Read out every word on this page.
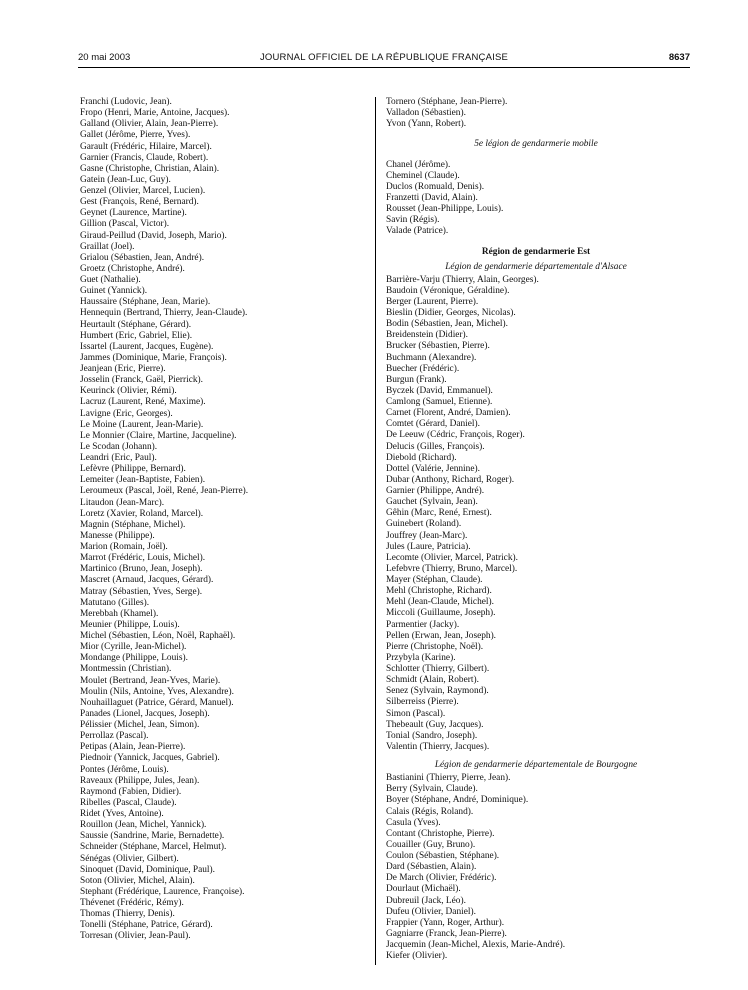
20 mai 2003	JOURNAL OFFICIEL DE LA RÉPUBLIQUE FRANÇAISE	8637
Franchi (Ludovic, Jean).
Fropo (Henri, Marie, Antoine, Jacques).
Galland (Olivier, Alain, Jean-Pierre).
Gallet (Jérôme, Pierre, Yves).
Garault (Frédéric, Hilaire, Marcel).
Garnier (Francis, Claude, Robert).
Gasne (Christophe, Christian, Alain).
Gatein (Jean-Luc, Guy).
Genzel (Olivier, Marcel, Lucien).
Gest (François, René, Bernard).
Geynet (Laurence, Martine).
Gillion (Pascal, Victor).
Giraud-Peillud (David, Joseph, Mario).
Graillat (Joel).
Grialou (Sébastien, Jean, André).
Groetz (Christophe, André).
Guet (Nathalie).
Guinet (Yannick).
Haussaire (Stéphane, Jean, Marie).
Hennequin (Bertrand, Thierry, Jean-Claude).
Heurtault (Stéphane, Gérard).
Humbert (Eric, Gabriel, Elie).
Issartel (Laurent, Jacques, Eugène).
Jammes (Dominique, Marie, François).
Jeanjean (Eric, Pierre).
Josselin (Franck, Gaël, Pierrick).
Keurinck (Olivier, Rémi).
Lacruz (Laurent, René, Maxime).
Lavigne (Eric, Georges).
Le Moine (Laurent, Jean-Marie).
Le Monnier (Claire, Martine, Jacqueline).
Le Scodan (Johann).
Leandri (Eric, Paul).
Lefèvre (Philippe, Bernard).
Lemeiter (Jean-Baptiste, Fabien).
Leroumeux (Pascal, Joël, René, Jean-Pierre).
Litaudon (Jean-Marc).
Loretz (Xavier, Roland, Marcel).
Magnin (Stéphane, Michel).
Manesse (Philippe).
Marion (Romain, Joël).
Marrot (Frédéric, Louis, Michel).
Martinico (Bruno, Jean, Joseph).
Mascret (Arnaud, Jacques, Gérard).
Matray (Sébastien, Yves, Serge).
Matutano (Gilles).
Merebbah (Khamel).
Meunier (Philippe, Louis).
Michel (Sébastien, Léon, Noël, Raphaël).
Mior (Cyrille, Jean-Michel).
Mondange (Philippe, Louis).
Montmessin (Christian).
Moulet (Bertrand, Jean-Yves, Marie).
Moulin (Nils, Antoine, Yves, Alexandre).
Nouhaillaguet (Patrice, Gérard, Manuel).
Panades (Lionel, Jacques, Joseph).
Pélissier (Michel, Jean, Simon).
Perrollaz (Pascal).
Petipas (Alain, Jean-Pierre).
Piednoir (Yannick, Jacques, Gabriel).
Pontes (Jérôme, Louis).
Raveaux (Philippe, Jules, Jean).
Raymond (Fabien, Didier).
Ribelles (Pascal, Claude).
Ridet (Yves, Antoine).
Rouillon (Jean, Michel, Yannick).
Saussie (Sandrine, Marie, Bernadette).
Schneider (Stéphane, Marcel, Helmut).
Sénégas (Olivier, Gilbert).
Sinoquet (David, Dominique, Paul).
Soton (Olivier, Michel, Alain).
Stephant (Frédérique, Laurence, Françoise).
Thévenet (Frédéric, Rémy).
Thomas (Thierry, Denis).
Tonelli (Stéphane, Patrice, Gérard).
Torresan (Olivier, Jean-Paul).
Tornero (Stéphane, Jean-Pierre).
Valladon (Sébastien).
Yvon (Yann, Robert).
5e légion de gendarmerie mobile
Chanel (Jérôme).
Cheminel (Claude).
Duclos (Romuald, Denis).
Franzetti (David, Alain).
Rousset (Jean-Philippe, Louis).
Savin (Régis).
Valade (Patrice).
Région de gendarmerie Est
Légion de gendarmerie départementale d'Alsace
Barrière-Varju (Thierry, Alain, Georges).
Baudoin (Véronique, Géraldine).
Berger (Laurent, Pierre).
Bieslin (Didier, Georges, Nicolas).
Bodin (Sébastien, Jean, Michel).
Breidenstein (Didier).
Brucker (Sébastien, Pierre).
Buchmann (Alexandre).
Buecher (Frédéric).
Burgun (Frank).
Byczek (David, Emmanuel).
Camlong (Samuel, Etienne).
Carnet (Florent, André, Damien).
Comtet (Gérard, Daniel).
De Leeuw (Cédric, François, Roger).
Delucis (Gilles, François).
Diebold (Richard).
Dottel (Valérie, Jennine).
Dubar (Anthony, Richard, Roger).
Garnier (Philippe, André).
Gauchet (Sylvain, Jean).
Gêhin (Marc, René, Ernest).
Guinebert (Roland).
Jouffrey (Jean-Marc).
Jules (Laure, Patricia).
Lecomte (Olivier, Marcel, Patrick).
Lefebvre (Thierry, Bruno, Marcel).
Mayer (Stéphan, Claude).
Mehl (Christophe, Richard).
Mehl (Jean-Claude, Michel).
Miccoli (Guillaume, Joseph).
Parmentier (Jacky).
Pellen (Erwan, Jean, Joseph).
Pierre (Christophe, Noël).
Przybyla (Karine).
Schlotter (Thierry, Gilbert).
Schmidt (Alain, Robert).
Senez (Sylvain, Raymond).
Silberreiss (Pierre).
Simon (Pascal).
Thebeault (Guy, Jacques).
Tonial (Sandro, Joseph).
Valentin (Thierry, Jacques).
Légion de gendarmerie départementale de Bourgogne
Bastianini (Thierry, Pierre, Jean).
Berry (Sylvain, Claude).
Boyer (Stéphane, André, Dominique).
Calais (Régis, Roland).
Casula (Yves).
Contant (Christophe, Pierre).
Couailler (Guy, Bruno).
Coulon (Sébastien, Stéphane).
Dard (Sébastien, Alain).
De March (Olivier, Frédéric).
Dourlaut (Michaël).
Dubreuil (Jack, Léo).
Dufeu (Olivier, Daniel).
Frappier (Yann, Roger, Arthur).
Gagniarre (Franck, Jean-Pierre).
Jacquemin (Jean-Michel, Alexis, Marie-André).
Kiefer (Olivier).
